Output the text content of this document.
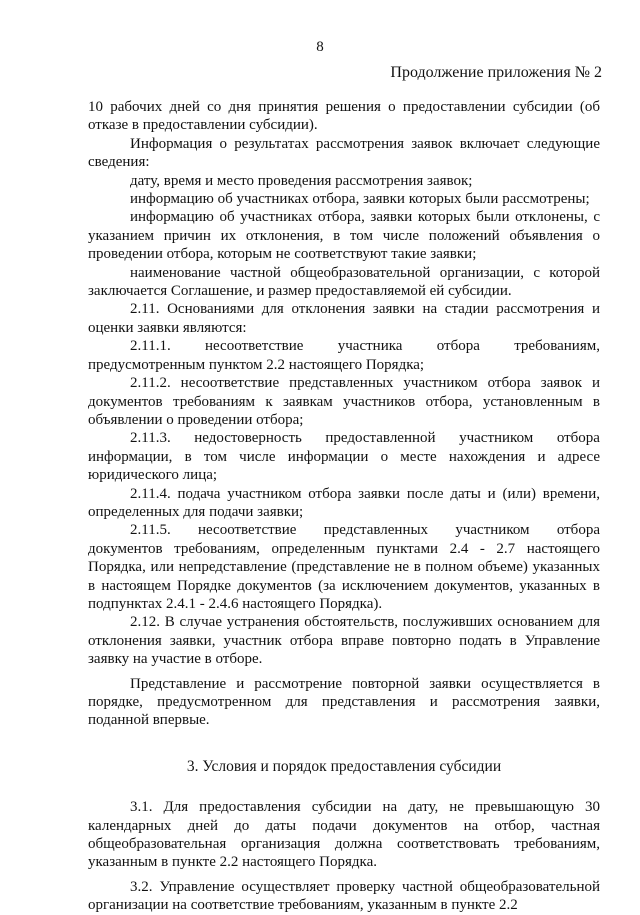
8
Продолжение приложения № 2

10 рабочих дней со дня принятия решения о предоставлении субсидии (об отказе в предоставлении субсидии).

Информация о результатах рассмотрения заявок включает следующие сведения:

дату, время и место проведения рассмотрения заявок;

информацию об участниках отбора, заявки которых были рассмотрены;

информацию об участниках отбора, заявки которых были отклонены, с указанием причин их отклонения, в том числе положений объявления о проведении отбора, которым не соответствуют такие заявки;

наименование частной общеобразовательной организации, с которой заключается Соглашение, и размер предоставляемой ей субсидии.

2.11. Основаниями для отклонения заявки на стадии рассмотрения и оценки заявки являются:

2.11.1. несоответствие участника отбора требованиям,

предусмотренным пунктом 2.2 настоящего Порядка;

2.11.2. несоответствие представленных участником отбора заявок и документов требованиям к заявкам участников отбора, установленным в объявлении о проведении отбора;

2.11.3. недостоверность предоставленной участником отбора

информации, в том числе информации о месте нахождения и адресе юридического лица;

2.11.4. подача участником отбора заявки после даты и (или) времени, определенных для подачи заявки;

2.11.5. несоответствие представленных участником отбора

документов требованиям, определенным пунктами 2.4 - 2.7 настоящего Порядка, или непредставление (представление не в полном объеме) указанных в настоящем Порядке документов (за исключением документов, указанных в подпунктах 2.4.1 - 2.4.6 настоящего Порядка).

2.12. В случае устранения обстоятельств, послуживших основанием для отклонения заявки, участник отбора вправе повторно подать в Управление заявку на участие в отборе.

Представление и рассмотрение повторной заявки осуществляется в порядке, предусмотренном для представления и рассмотрения заявки, поданной впервые.

3. Условия и порядок предоставления субсидии

3.1. Для предоставления субсидии на дату, не превышающую 30 календарных дней до даты подачи документов на отбор, частная общеобразовательная организация должна соответствовать требованиям, указанным в пункте 2.2 настоящего Порядка.

3.2. Управление осуществляет проверку частной общеобразовательной организации на соответствие требованиям, указанным в пункте 2.2
